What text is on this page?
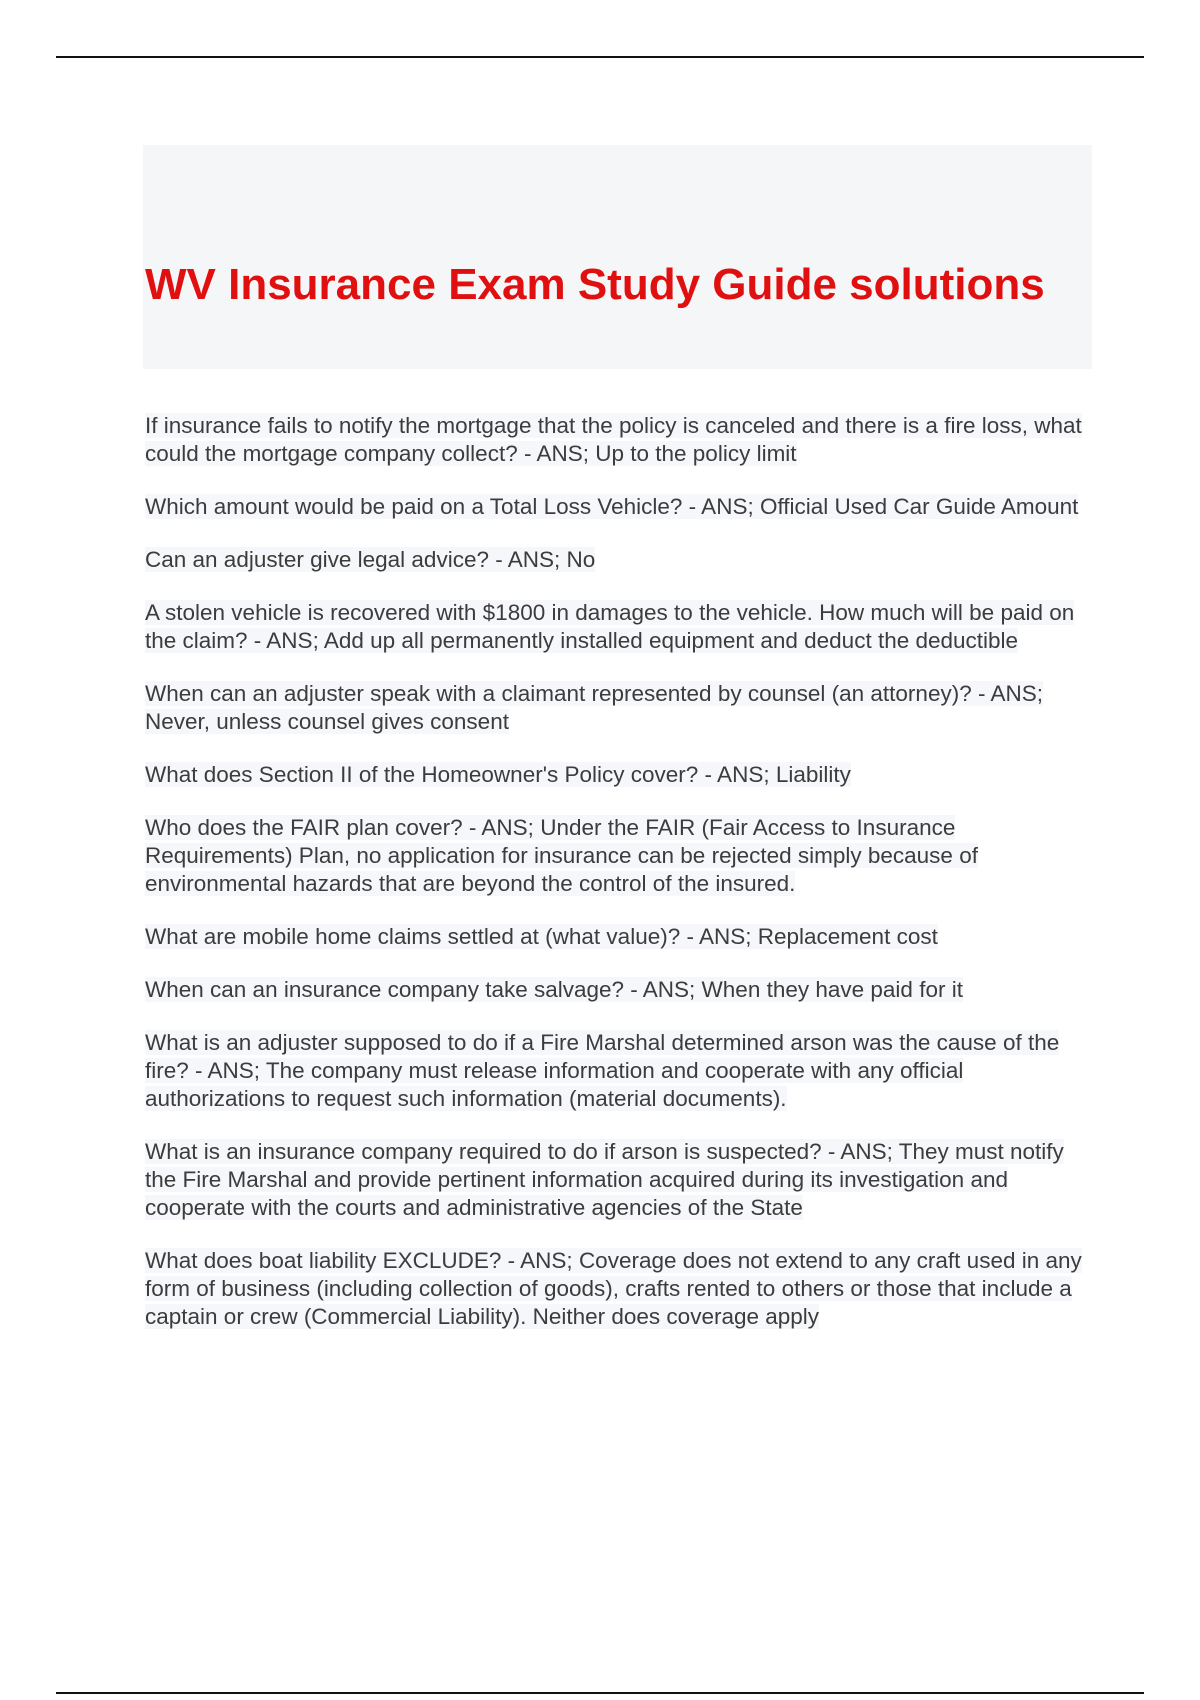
WV Insurance Exam Study Guide solutions

If insurance fails to notify the mortgage that the policy is canceled and there is a fire loss, what could the mortgage company collect? - ANS; Up to the policy limit

Which amount would be paid on a Total Loss Vehicle? - ANS; Official Used Car Guide Amount

Can an adjuster give legal advice? - ANS; No

A stolen vehicle is recovered with $1800 in damages to the vehicle. How much will be paid on the claim? - ANS; Add up all permanently installed equipment and deduct the deductible

When can an adjuster speak with a claimant represented by counsel (an attorney)? - ANS; Never, unless counsel gives consent

What does Section II of the Homeowner's Policy cover? - ANS; Liability

Who does the FAIR plan cover? - ANS; Under the FAIR (Fair Access to Insurance Requirements) Plan, no application for insurance can be rejected simply because of environmental hazards that are beyond the control of the insured.

What are mobile home claims settled at (what value)? - ANS; Replacement cost

When can an insurance company take salvage? - ANS; When they have paid for it

What is an adjuster supposed to do if a Fire Marshal determined arson was the cause of the fire? - ANS; The company must release information and cooperate with any official authorizations to request such information (material documents).

What is an insurance company required to do if arson is suspected? - ANS; They must notify the Fire Marshal and provide pertinent information acquired during its investigation and cooperate with the courts and administrative agencies of the State

What does boat liability EXCLUDE? - ANS; Coverage does not extend to any craft used in any form of business (including collection of goods), crafts rented to others or those that include a captain or crew (Commercial Liability). Neither does coverage apply
